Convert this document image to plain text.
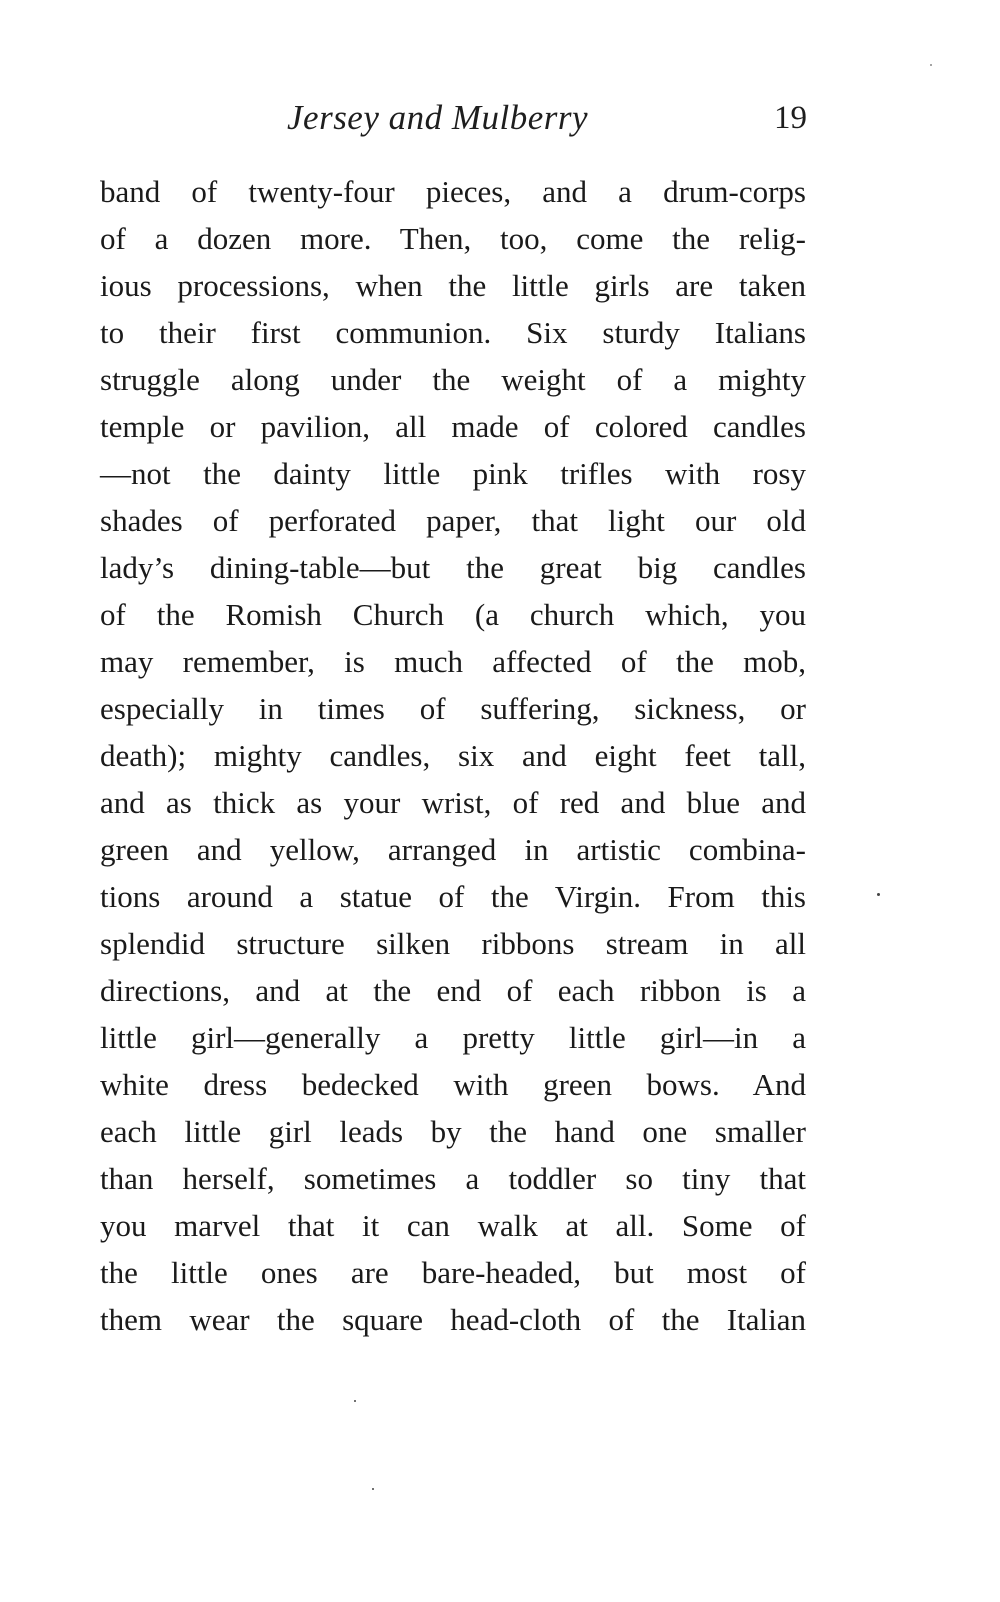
Jersey and Mulberry	19
band of twenty-four pieces, and a drum-corps
of a dozen more. Then, too, come the relig-
ious processions, when the little girls are taken
to their first communion. Six sturdy Italians
struggle along under the weight of a mighty
temple or pavilion, all made of colored candles
—not the dainty little pink trifles with rosy
shades of perforated paper, that light our old
lady’s dining-table—but the great big candles
of the Romish Church (a church which, you
may remember, is much affected of the mob,
especially in times of suffering, sickness, or
death); mighty candles, six and eight feet tall,
and as thick as your wrist, of red and blue and
green and yellow, arranged in artistic combina-
tions around a statue of the Virgin. From this
splendid structure silken ribbons stream in all
directions, and at the end of each ribbon is a
little girl—generally a pretty little girl—in a
white dress bedecked with green bows. And
each little girl leads by the hand one smaller
than herself, sometimes a toddler so tiny that
you marvel that it can walk at all. Some of
the little ones are bare-headed, but most of
them wear the square head-cloth of the Italian
